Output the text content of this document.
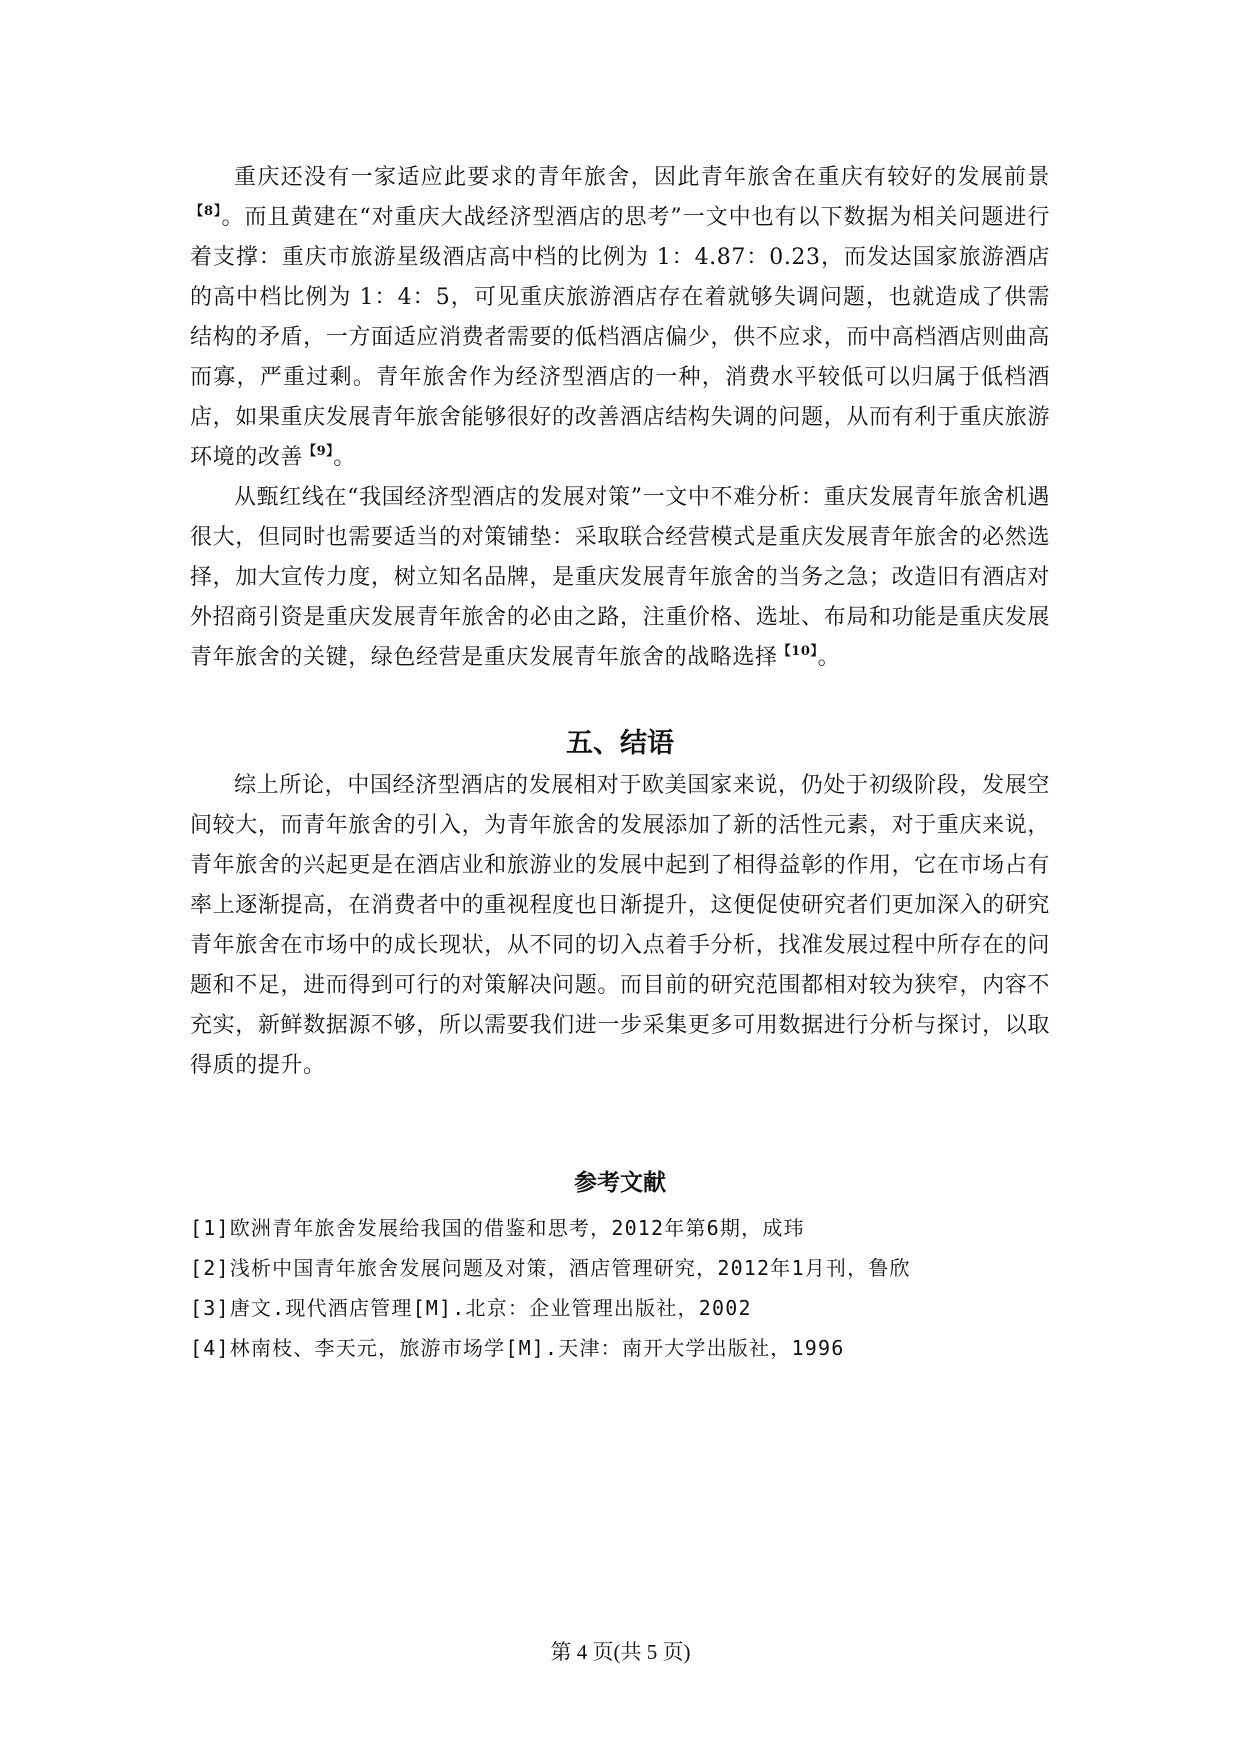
重庆还没有一家适应此要求的青年旅舍，因此青年旅舍在重庆有较好的发展前景$^{【8】}$。而且黄建在“对重庆大战经济型酒店的思考”一文中也有以下数据为相关问题进行着支撑：重庆市旅游星级酒店高中档的比例为 1：4.87：0.23，而发达国家旅游酒店的高中档比例为 1：4：5，可见重庆旅游酒店存在着就够失调问题，也就造成了供需结构的矛盾，一方面适应消费者需要的低档酒店偏少，供不应求，而中高档酒店则曲高而寡，严重过剩。青年旅舍作为经济型酒店的一种，消费水平较低可以归属于低档酒店，如果重庆发展青年旅舍能够很好的改善酒店结构失调的问题，从而有利于重庆旅游环境的改善$^{【9】}$。

从甄红线在“我国经济型酒店的发展对策”一文中不难分析：重庆发展青年旅舍机遇很大，但同时也需要适当的对策铺垫：采取联合经营模式是重庆发展青年旅舍的必然选择，加大宣传力度，树立知名品牌，是重庆发展青年旅舍的当务之急；改造旧有酒店对外招商引资是重庆发展青年旅舍的必由之路，注重价格、选址、布局和功能是重庆发展青年旅舍的关键，绿色经营是重庆发展青年旅舍的战略选择$^{【10】}$。

五、结语

综上所论，中国经济型酒店的发展相对于欧美国家来说，仍处于初级阶段，发展空间较大，而青年旅舍的引入，为青年旅舍的发展添加了新的活性元素，对于重庆来说，青年旅舍的兴起更是在酒店业和旅游业的发展中起到了相得益彰的作用，它在市场占有率上逐渐提高，在消费者中的重视程度也日渐提升，这便促使研究者们更加深入的研究青年旅舍在市场中的成长现状，从不同的切入点着手分析，找准发展过程中所存在的问题和不足，进而得到可行的对策解决问题。而目前的研究范围都相对较为狭窄，内容不充实，新鲜数据源不够，所以需要我们进一步采集更多可用数据进行分析与探讨，以取得质的提升。

参考文献

[1]欧洲青年旅舍发展给我国的借鉴和思考，2012年第6期，成玮

[2]浅析中国青年旅舍发展问题及对策，酒店管理研究，2012年1月刊，鲁欣

[3]唐文.现代酒店管理[M].北京：企业管理出版社，2002

[4]林南枝、李天元，旅游市场学[M].天津：南开大学出版社，1996

第 4 页(共 5 页)
